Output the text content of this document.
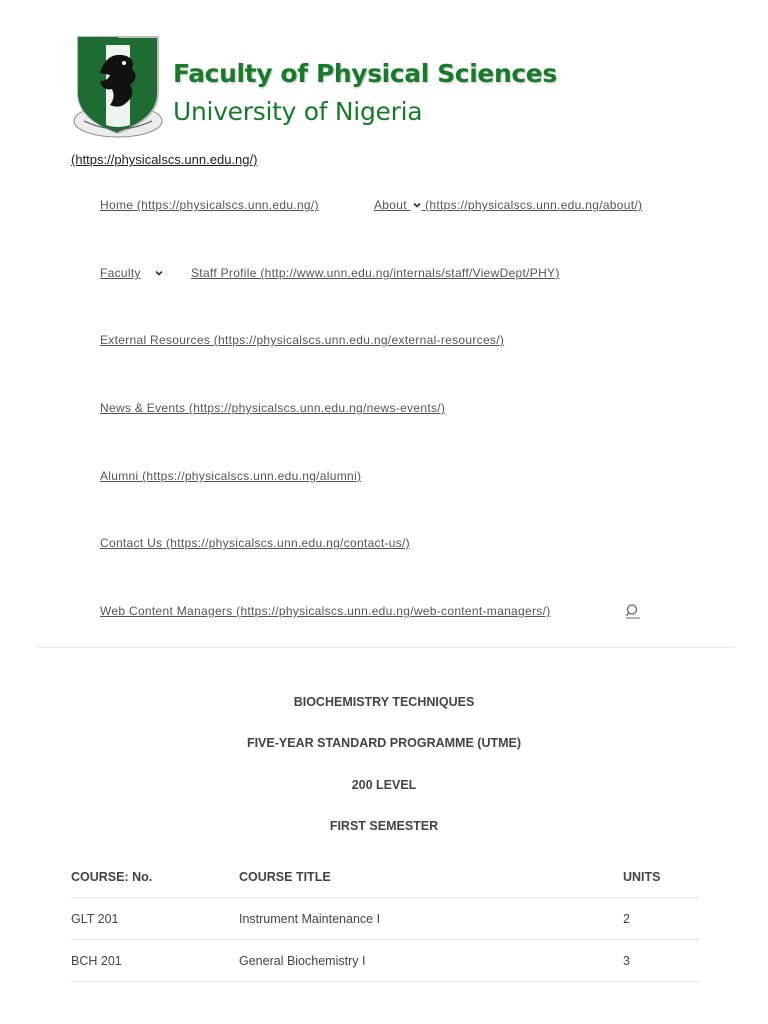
Faculty of Physical Sciences
University of Nigeria
(https://physicalscs.unn.edu.ng/)
Home (https://physicalscs.unn.edu.ng/)	About  (https://physicalscs.unn.edu.ng/about/)
Faculty	Staff Profile (http://www.unn.edu.ng/internals/staff/ViewDept/PHY)
External Resources (https://physicalscs.unn.edu.ng/external-resources/)
News & Events (https://physicalscs.unn.edu.ng/news-events/)
Alumni (https://physicalscs.unn.edu.ng/alumni)
Contact Us (https://physicalscs.unn.edu.ng/contact-us/)
Web Content Managers (https://physicalscs.unn.edu.ng/web-content-managers/)
BIOCHEMISTRY TECHNIQUES
FIVE-YEAR STANDARD PROGRAMME (UTME)
200 LEVEL
FIRST SEMESTER
COURSE: No.	COURSE TITLE	UNITS
GLT 201	Instrument Maintenance I	2
BCH 201	General Biochemistry I	3
